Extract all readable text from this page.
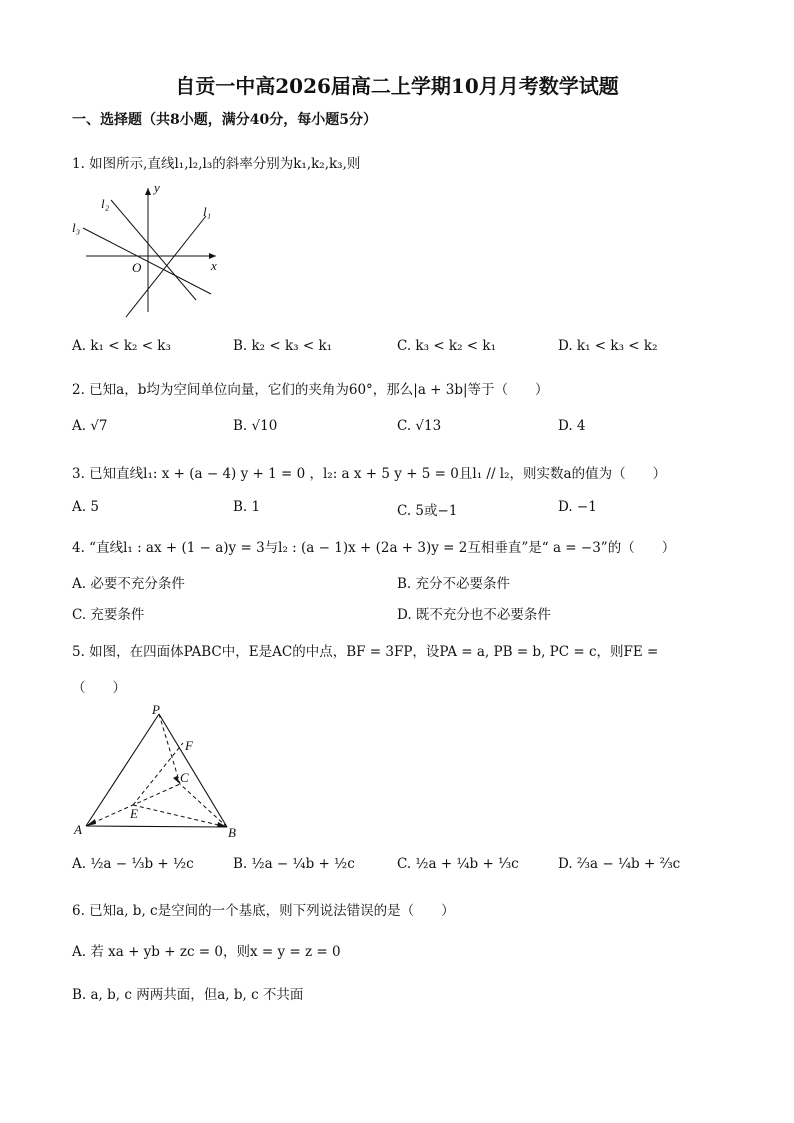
自贡一中高2026届高二上学期10月月考数学试题
一、选择题（共8小题，满分40分，每小题5分）
1. 如图所示,直线l₁,l₂,l₃的斜率分别为k₁,k₂,k₃,则
y
x
O
l₁
l₂
l₃
A. k₁ < k₂ < k₃	B. k₂ < k₃ < k₁	C. k₃ < k₂ < k₁	D. k₁ < k₃ < k₂
2. 已知a，b均为空间单位向量，它们的夹角为60°，那么|a + 3b|等于（　　）
A. √7	B. √10	C. √13	D. 4
3. 已知直线l₁: x + (a − 4) y + 1 = 0 ，l₂: a x + 5 y + 5 = 0且l₁ // l₂，则实数a的值为（　　）
A. 5	B. 1	C. 5或−1	D. −1
4. “直线l₁ : ax + (1 − a)y = 3与l₂ : (a − 1)x + (2a + 3)y = 2互相垂直”是“ a = −3”的（　　）
A. 必要不充分条件	B. 充分不必要条件
C. 充要条件	D. 既不充分也不必要条件
5. 如图，在四面体PABC中，E是AC的中点，BF = 3FP，设PA = a, PB = b, PC = c，则FE =
（　　）
P
A	B
C
E
F
A. ½a − ⅓b + ½c	B. ½a − ¼b + ½c	C. ½a + ¼b + ⅓c	D. ⅔a − ¼b + ⅔c
6. 已知a, b, c是空间的一个基底，则下列说法错误的是（　　）
A. 若 xa + yb + zc = 0，则x = y = z = 0
B. a, b, c 两两共面，但a, b, c 不共面
